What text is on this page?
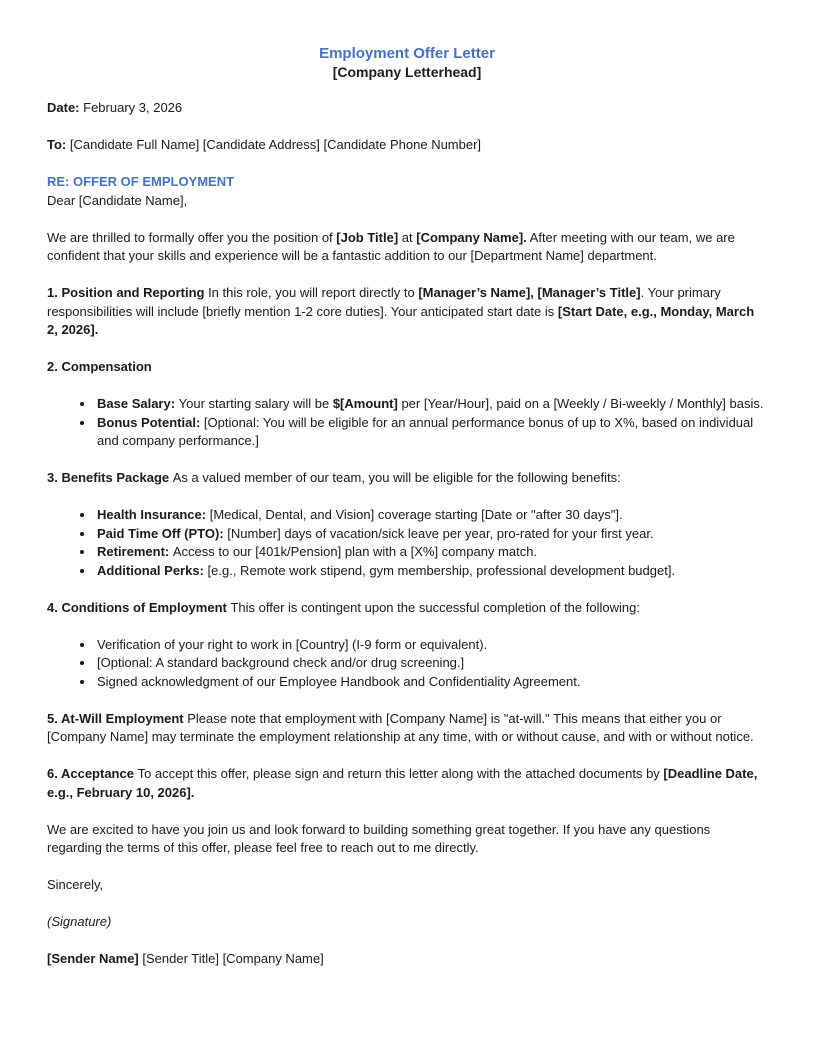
Employment Offer Letter
[Company Letterhead]

Date: February 3, 2026

To: [Candidate Full Name] [Candidate Address] [Candidate Phone Number]

RE: OFFER OF EMPLOYMENT

Dear [Candidate Name],

We are thrilled to formally offer you the position of [Job Title] at [Company Name]. After meeting with our team, we are confident that your skills and experience will be a fantastic addition to our [Department Name] department.

1. Position and Reporting In this role, you will report directly to [Manager’s Name], [Manager’s Title]. Your primary responsibilities will include [briefly mention 1-2 core duties]. Your anticipated start date is [Start Date, e.g., Monday, March 2, 2026].

2. Compensation

• Base Salary: Your starting salary will be $[Amount] per [Year/Hour], paid on a [Weekly / Bi-weekly / Monthly] basis.
• Bonus Potential: [Optional: You will be eligible for an annual performance bonus of up to X%, based on individual and company performance.]

3. Benefits Package As a valued member of our team, you will be eligible for the following benefits:

• Health Insurance: [Medical, Dental, and Vision] coverage starting [Date or "after 30 days"].
• Paid Time Off (PTO): [Number] days of vacation/sick leave per year, pro-rated for your first year.
• Retirement: Access to our [401k/Pension] plan with a [X%] company match.
• Additional Perks: [e.g., Remote work stipend, gym membership, professional development budget].

4. Conditions of Employment This offer is contingent upon the successful completion of the following:

• Verification of your right to work in [Country] (I-9 form or equivalent).
• [Optional: A standard background check and/or drug screening.]
• Signed acknowledgment of our Employee Handbook and Confidentiality Agreement.

5. At-Will Employment Please note that employment with [Company Name] is "at-will." This means that either you or [Company Name] may terminate the employment relationship at any time, with or without cause, and with or without notice.

6. Acceptance To accept this offer, please sign and return this letter along with the attached documents by [Deadline Date, e.g., February 10, 2026].

We are excited to have you join us and look forward to building something great together. If you have any questions regarding the terms of this offer, please feel free to reach out to me directly.

Sincerely,

(Signature)

[Sender Name] [Sender Title] [Company Name]
